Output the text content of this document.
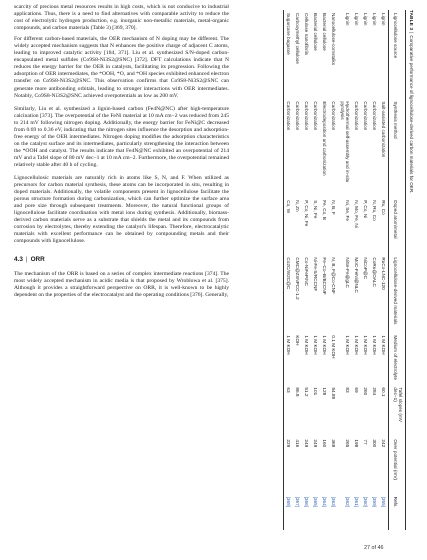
scarcity of precious metal resources results in high costs, which is not conducive to industrial applications. Thus, there is a need to find alternatives with comparable activity to reduce the cost of electrolytic hydrogen production, e.g. inorganic non-metallic materials, metal-organic compounds, and carbon materials (Table 3) [369, 370].

For different carbon-based materials, the OER mechanism of N doping may be different. The widely accepted mechanism suggests that N enhances the positive charge of adjacent C atoms, leading to improved catalytic activity [184, 371]. Liu et al. synthesized S/N-doped carbon-encapsulated metal sulfides (Co9S8-Ni3S2@SNC) [372]. DFT calculations indicate that N reduces the energy barrier for the OER in catalysts, facilitating its progression. Following the adsorption of OER intermediates, the *OOH, *O, and *OH species exhibited enhanced electron transfer on Co9S8-Ni3S2@SNC. This observation confirms that Co9S8-Ni3S2@SNC can generate more antibonding orbitals, leading to stronger interactions with OER intermediates. Notably, Co9S8-Ni3S2@SNC achieved overpotentials as low as 200 mV.

Similarly, Liu et al. synthesized a lignin-based carbon (Fe4N@NC) after high-temperature calcination [373]. The overpotential of the FeNi material at 10 mA cm−2 was reduced from 245 to 214 mV following nitrogen doping. Additionally, the energy barrier for FeNi@C decreased from 0.69 to 0.36 eV, indicating that the nitrogen sites influence the desorption and adsorption-free energy of the OER intermediates. Nitrogen doping modifies the adsorption characteristics on the catalyst surface and its intermediates, particularly strengthening the interaction between the *OOH and catalyst. The results indicate that Fe4N@NC exhibited an overpotential of 214 mV and a Tafel slope of 80 mV dec−1 at 10 mA cm−2. Furthermore, the overpotential remained relatively stable after 40 h of cycling.

Lignocellulosic materials are naturally rich in atoms like S, N, and F. When utilized as precursors for carbon material synthesis, these atoms can be incorporated in situ, resulting in doped materials. Additionally, the volatile components present in lignocellulose facilitate the porous structure formation during carbonization, which can further optimize the surface area and pore size through subsequent treatments. Moreover, the natural functional groups of lignocellulose facilitate coordination with metal ions during synthesis. Additionally, biomass-derived carbon materials serve as a substrate that shields the metal and its compounds from corrosion by electrolytes, thereby extending the catalyst's lifespan. Therefore, electrocatalytic materials with excellent performance can be obtained by compounding metals and their compounds with lignocellulose.

4.3 | ORR

The mechanism of the ORR is based on a series of complex intermediate reactions [374]. The most widely accepted mechanism in acidic media is that proposed by Wroblowa et al. [375]. Although it provides a straightforward perspective on ORR, it is well-known to be highly dependent on the properties of the electrocatalyst and the operating conditions [376]. Generally,

TABLE 3|Comparative performance of lignocellulose-derived carbon materials for OER.
Lignocellulose source	Synthesis method	Doped atom/metal	Lignocellulose-derived materials	Medium of electrolyte	Tafel slopes (mV dec−1)	Over potential (mV)	Refs.
Lignin	Salt-assisted carbonization	Ru, Co	RuCo-LNC-120	1 M KOH	60.1	242	[355]
Lignin	Carbonization	N, Ru, Co	CoRu@OALC	1 M KOH	284	300	[359]
Lignin	Carbonization	P, Co, Ni	NiCoP@C	1 M KOH	260	77	[360]
Lignin	Carbonization	N, Mo, Fe, Ni	MoC-FeNi@NLC	1 M KOH	69	198	[361]
Lignin	Hydrothermal self-assembly and in-situ pyrolysis	Ni, Se, Fe	NiSe-Fe@gLC	1 M KOH	83	265	[362]
Nanocellulose-cornstalks	Carbonization	N, B, F	N, B, F@Co-CNF	0.1 M KOH	94.88	368	[363]
Bacterial cellulose	Electrodeposition and carbonization	Fe, Co, B	Fe–Co–B/BCCNF	1 M KOH	128	160	[364]
Bacterial cellulose	Carbonization	S, Ni, Fe	Ni-Fe-S/RCCNF	1 M KOH	101	249	[365]
Cellulose nanofibrils	Carbonization	P, Co, Ni, Fe	Co-NiFeP/NC	1 M KOH	51.2	249	[366]
Carboxymethyl cellulose	Carbonization	N, Zn	CMC@ZnNPCC-1.2	KOH	86.8	416	[367]
Sugarcane bagasse	Carbonization	Co, W	Co2C/W2C@C	1 M KOH	63	229	[368]
27 of 46
